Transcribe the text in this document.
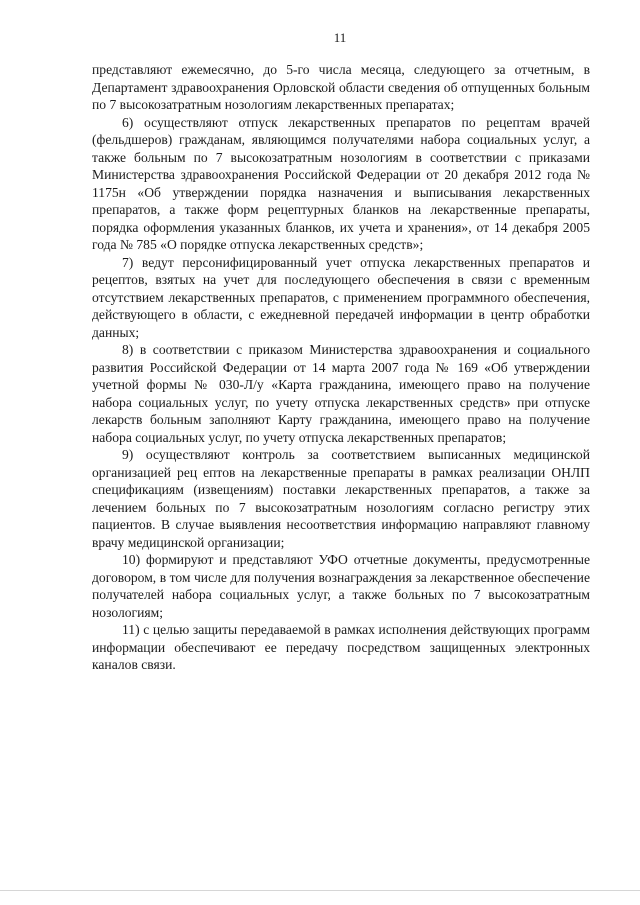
11

представляют ежемесячно, до 5-го числа месяца, следующего за отчетным, в Департамент здравоохранения Орловской области сведения об отпущенных больным по 7 высокозатратным нозологиям лекарственных препаратах;

6) осуществляют отпуск лекарственных препаратов по рецептам врачей (фельдшеров) гражданам, являющимся получателями набора социальных услуг, а также больным по 7 высокозатратным нозологиям в соответствии с приказами Министерства здравоохранения Российской Федерации от 20 декабря 2012 года № 1175н «Об утверждении порядка назначения и выписывания лекарственных препаратов, а также форм рецептурных бланков на лекарственные препараты, порядка оформления указанных бланков, их учета и хранения», от 14 декабря 2005 года № 785 «О порядке отпуска лекарственных средств»;

7) ведут персонифицированный учет отпуска лекарственных препаратов и рецептов, взятых на учет для последующего обеспечения в связи с временным отсутствием лекарственных препаратов, с применением программного обеспечения, действующего в области, с ежедневной передачей информации в центр обработки данных;

8) в соответствии с приказом Министерства здравоохранения и социального развития Российской Федерации от 14 марта 2007 года № 169 «Об утверждении учетной формы № 030-Л/у «Карта гражданина, имеющего право на получение набора социальных услуг, по учету отпуска лекарственных средств» при отпуске лекарств больным заполняют Карту гражданина, имеющего право на получение набора социальных услуг, по учету отпуска лекарственных препаратов;

9) осуществляют контроль за соответствием выписанных медицинской организацией рец ептов на лекарственные препараты в рамках реализации ОНЛП спецификациям (извещениям) поставки лекарственных препаратов, а также за лечением больных по 7 высокозатратным нозологиям согласно регистру этих пациентов. В случае выявления несоответствия информацию направляют главному врачу медицинской организации;

10) формируют и представляют УФО отчетные документы, предусмотренные договором, в том числе для получения вознаграждения за лекарственное обеспечение получателей набора социальных услуг, а также больных по 7 высокозатратным нозологиям;

11) с целью защиты передаваемой в рамках исполнения действующих программ информации обеспечивают ее передачу посредством защищенных электронных каналов связи.
